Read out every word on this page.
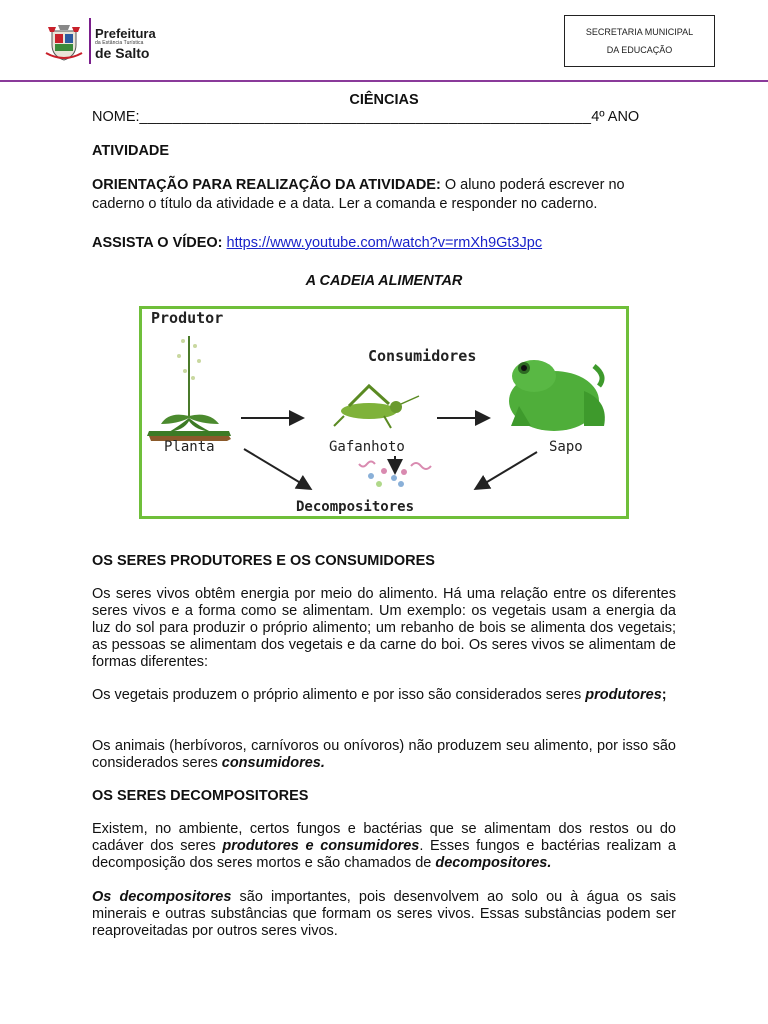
Prefeitura
da Estância Turística
de Salto
SECRETARIA MUNICIPAL
DA EDUCAÇÃO
CIÊNCIAS
NOME:______________________________________________________4º ANO
ATIVIDADE
ORIENTAÇÃO PARA REALIZAÇÃO DA ATIVIDADE: O aluno poderá escrever no
caderno o título da atividade e a data. Ler a comanda e responder no caderno.
ASSISTA O VÍDEO: https://www.youtube.com/watch?v=rmXh9Gt3Jpc
A CADEIA ALIMENTAR
Produtor
Consumidores
Planta	Gafanhoto	Sapo
Decompositores
OS SERES PRODUTORES E OS CONSUMIDORES
Os seres vivos obtêm energia por meio do alimento. Há uma relação entre os diferentes seres vivos e a forma como se alimentam. Um exemplo: os vegetais usam a energia da luz do sol para produzir o próprio alimento; um rebanho de bois se alimenta dos vegetais; as pessoas se alimentam dos vegetais e da carne do boi. Os seres vivos se alimentam de formas diferentes:
Os vegetais produzem o próprio alimento e por isso são considerados seres produtores;
Os animais (herbívoros, carnívoros ou onívoros) não produzem seu alimento, por isso são considerados seres consumidores.
OS SERES DECOMPOSITORES
Existem, no ambiente, certos fungos e bactérias que se alimentam dos restos ou do cadáver dos seres produtores e consumidores. Esses fungos e bactérias realizam a decomposição dos seres mortos e são chamados de decompositores.
Os decompositores são importantes, pois desenvolvem ao solo ou à água os sais minerais e outras substâncias que formam os seres vivos. Essas substâncias podem ser reaproveitadas por outros seres vivos.
